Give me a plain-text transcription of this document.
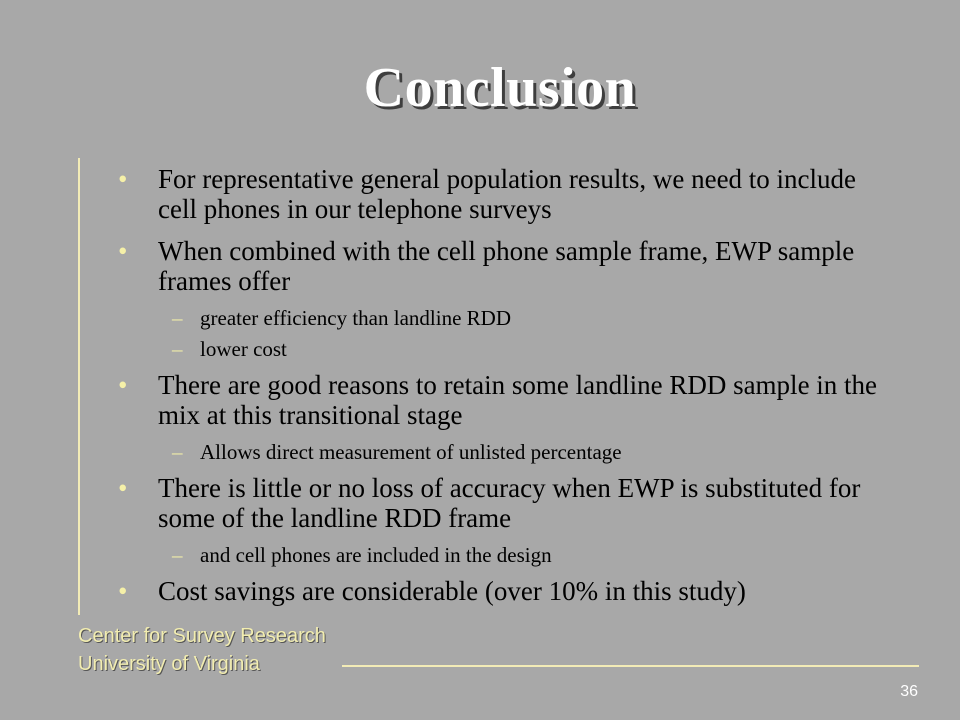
Conclusion
• For representative general population results, we need to include cell phones in our telephone surveys
• When combined with the cell phone sample frame, EWP sample frames offer
– greater efficiency than landline RDD
– lower cost
• There are good reasons to retain some landline RDD sample in the mix at this transitional stage
– Allows direct measurement of unlisted percentage
• There is little or no loss of accuracy when EWP is substituted for some of the landline RDD frame
– and cell phones are included in the design
• Cost savings are considerable (over 10% in this study)
Center for Survey Research
University of Virginia
36
